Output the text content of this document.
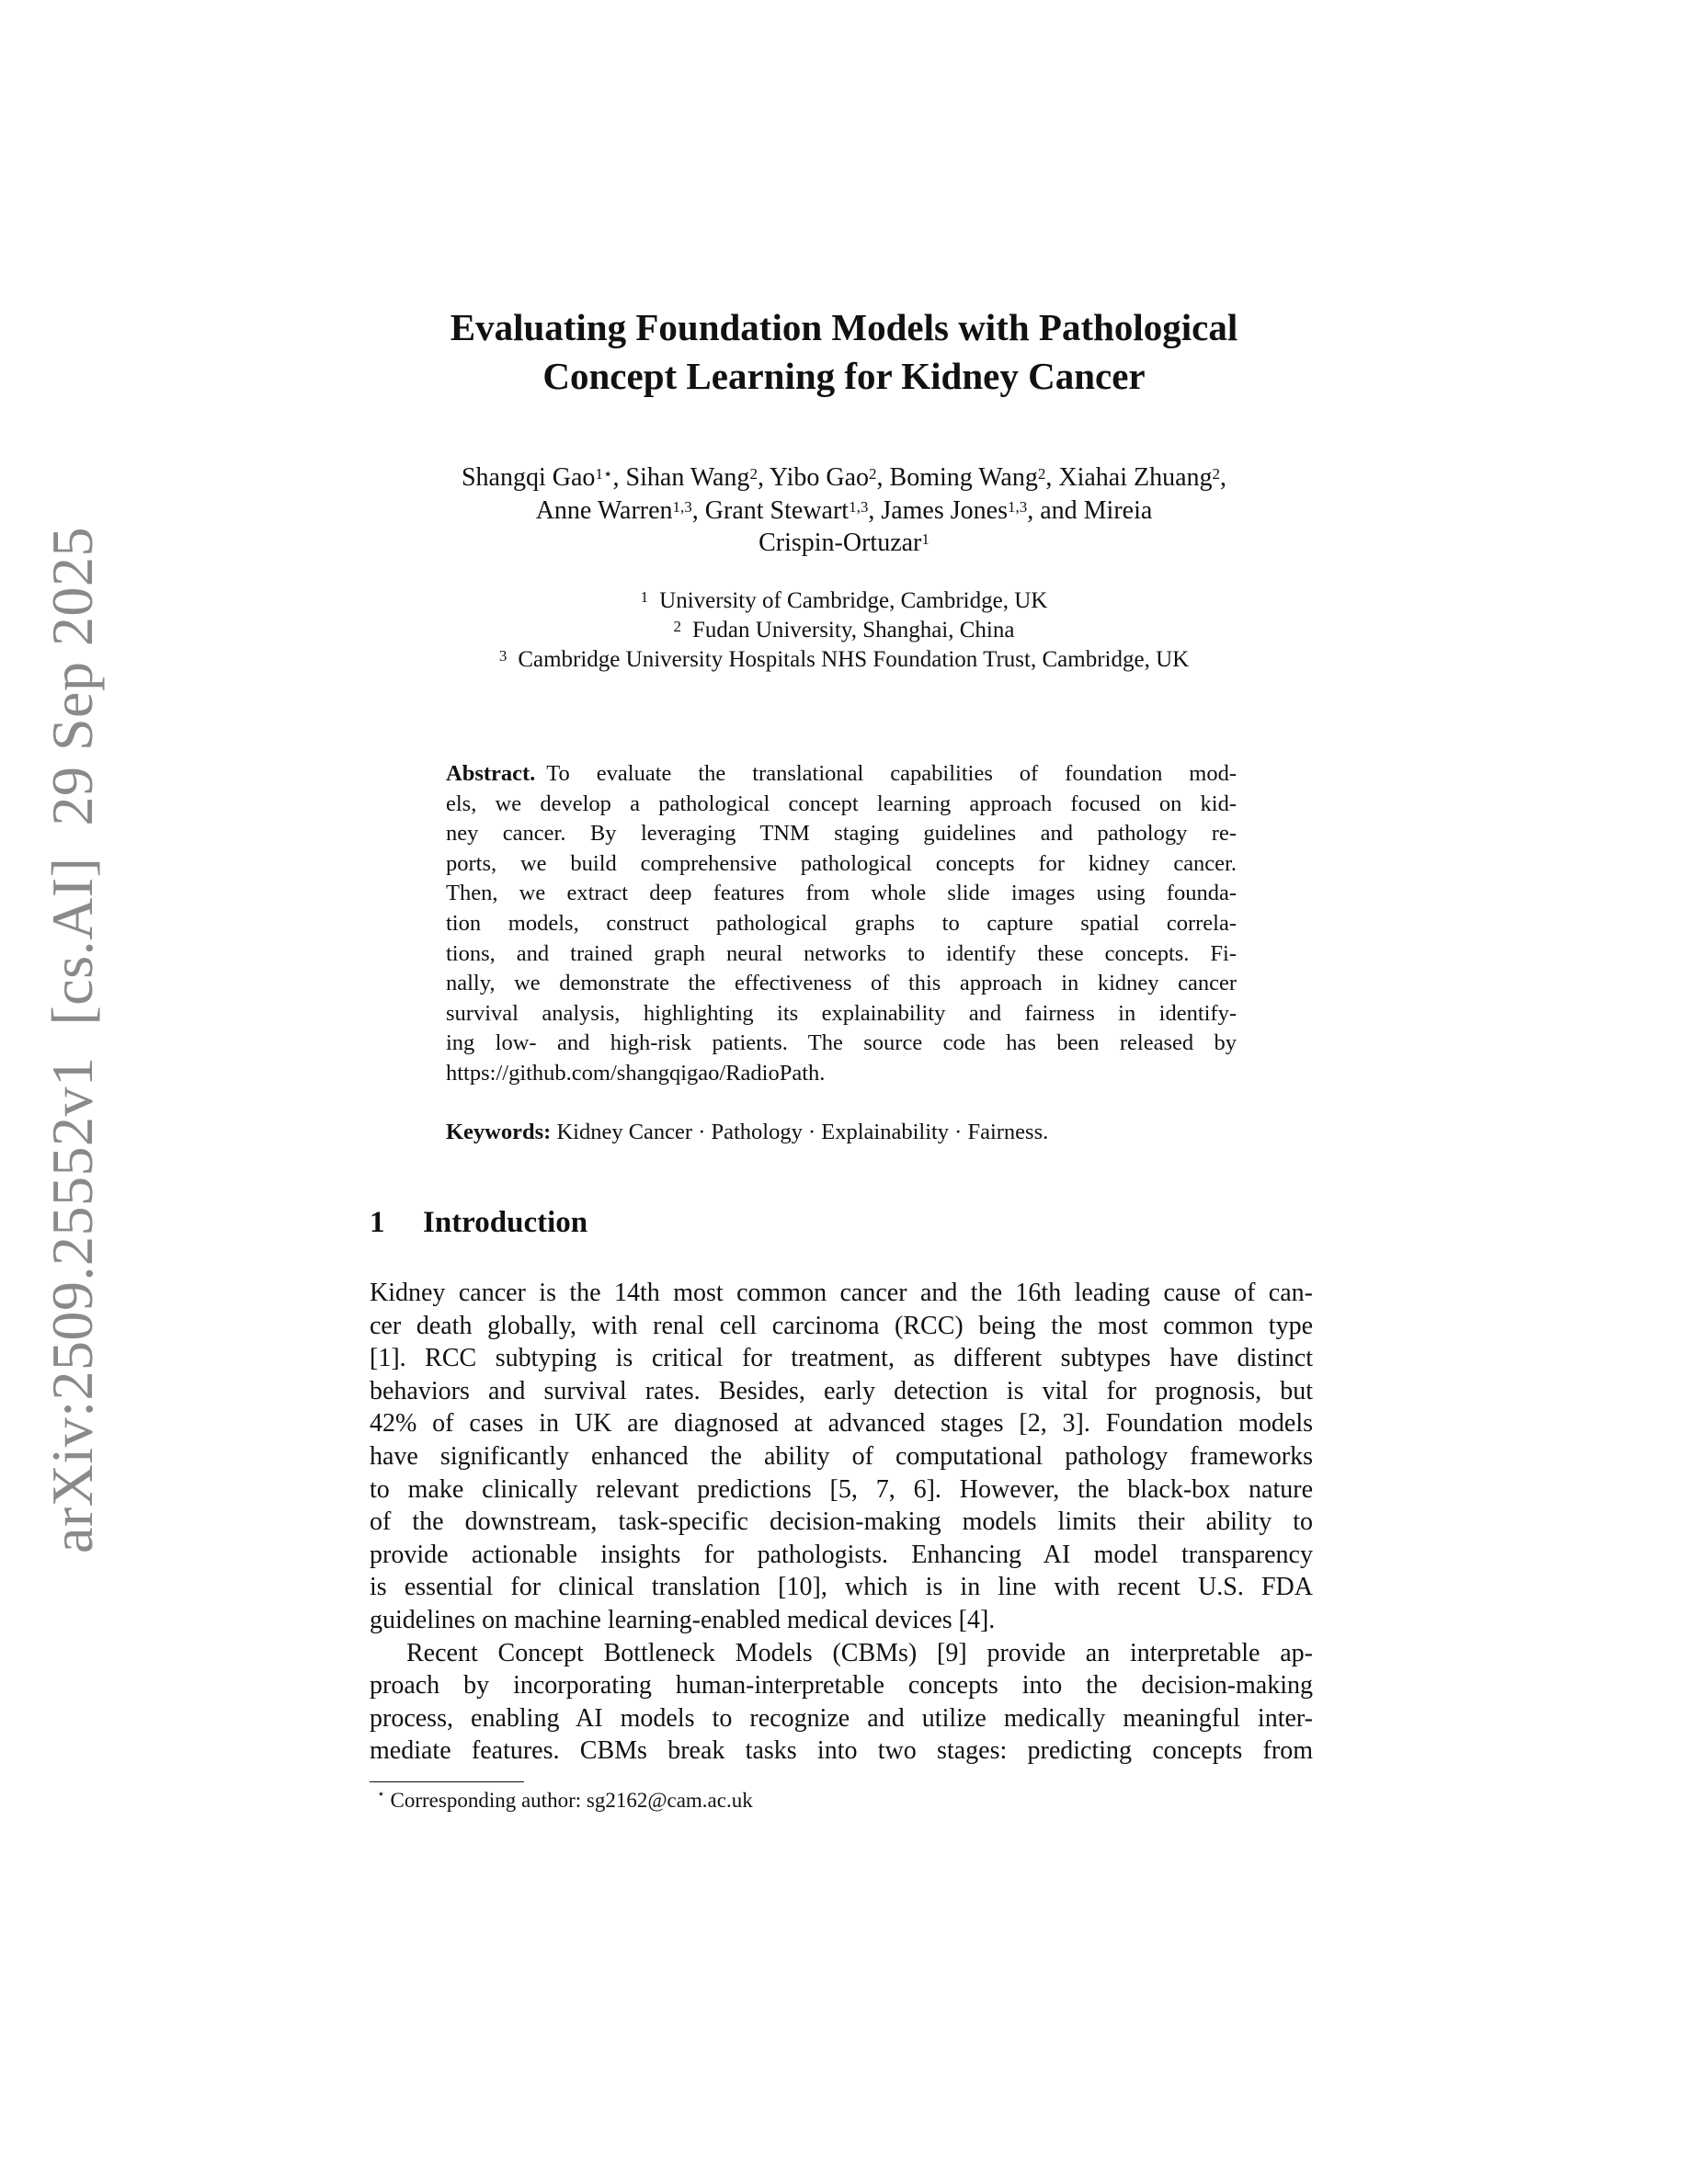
arXiv:2509.25552v1[cs.AI]29 Sep 2025
Evaluating Foundation Models with Pathological
Concept Learning for Kidney Cancer
Shangqi Gao$^{1⋆}$, Sihan Wang$^2$, Yibo Gao$^2$, Boming Wang$^2$, Xiahai Zhuang$^2$,
Anne Warren$^{1,3}$, Grant Stewart$^{1,3}$, James Jones$^{1,3}$, and Mireia
Crispin-Ortuzar$^1$
$^1$ University of Cambridge, Cambridge, UK
$^2$ Fudan University, Shanghai, China
$^3$ Cambridge University Hospitals NHS Foundation Trust, Cambridge, UK
Abstract. To evaluate the translational capabilities of foundation mod-
els, we develop a pathological concept learning approach focused on kid-
ney cancer. By leveraging TNM staging guidelines and pathology re-
ports, we build comprehensive pathological concepts for kidney cancer.
Then, we extract deep features from whole slide images using founda-
tion models, construct pathological graphs to capture spatial correla-
tions, and trained graph neural networks to identify these concepts. Fi-
nally, we demonstrate the effectiveness of this approach in kidney cancer
survival analysis, highlighting its explainability and fairness in identify-
ing low- and high-risk patients. The source code has been released by
https://github.com/shangqigao/RadioPath.
Keywords: Kidney Cancer · Pathology · Explainability · Fairness.
1 Introduction
Kidney cancer is the 14th most common cancer and the 16th leading cause of can-
cer death globally, with renal cell carcinoma (RCC) being the most common type
[1]. RCC subtyping is critical for treatment, as different subtypes have distinct
behaviors and survival rates. Besides, early detection is vital for prognosis, but
42% of cases in UK are diagnosed at advanced stages [2, 3]. Foundation models
have significantly enhanced the ability of computational pathology frameworks
to make clinically relevant predictions [5, 7, 6]. However, the black-box nature
of the downstream, task-specific decision-making models limits their ability to
provide actionable insights for pathologists. Enhancing AI model transparency
is essential for clinical translation [10], which is in line with recent U.S. FDA
guidelines on machine learning-enabled medical devices [4].
Recent Concept Bottleneck Models (CBMs) [9] provide an interpretable ap-
proach by incorporating human-interpretable concepts into the decision-making
process, enabling AI models to recognize and utilize medically meaningful inter-
mediate features. CBMs break tasks into two stages: predicting concepts from
⋆ Corresponding author: sg2162@cam.ac.uk
